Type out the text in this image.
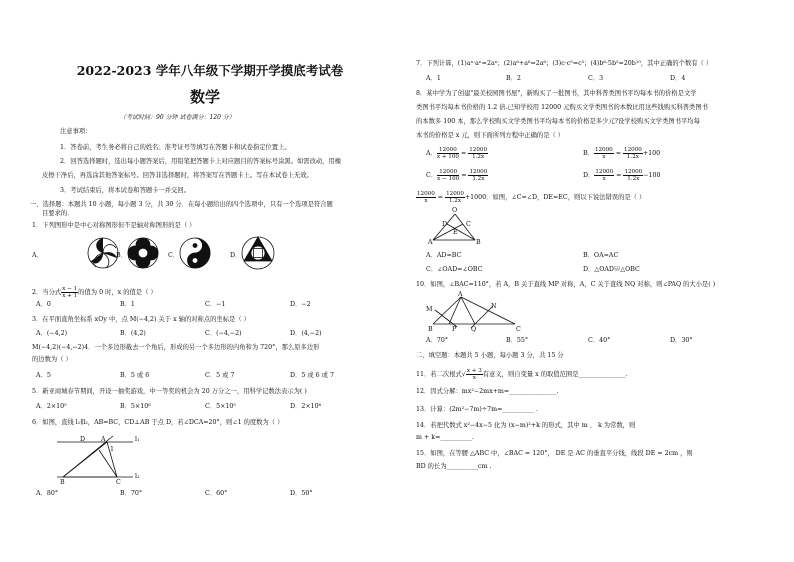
2022-2023 学年八年级下学期开学摸底考试卷
数学
（考试时间：90 分钟 试卷满分：120 分）
注意事项：
1．答卷前，考生务必将自己的姓名、准考证号等填写在答题卡和试卷指定位置上。
2．回答选择题时，选出每小题答案后，用铅笔把答题卡上对应题目的答案标号涂黑。如需改动，用橡
皮擦干净后，再选涂其他答案标号。回答非选择题时，将答案写在答题卡上。写在本试卷上无效。
3．考试结束后，将本试卷和答题卡一并交回。
一、选择题：本题共 10 小题，每小题 3 分，共 30 分．在每小题给出的四个选项中，只有一个选项是符合题
目要求的．
1．下列图形中是中心对称图形但不是轴对称图形的是（ ）
A．	B．	C．	D．
2．当分式 $\frac{x - 1}{x + 1}$ 的值为 0 时，x 的值是（ ）
A．0	B．1	C．−1	D．−2
3．在平面直角坐标系 xOy 中，点 M(−4,2) 关于 x 轴的对称点的坐标是（ ）
A．(−4,2)	B．(4,2)	C．(−4,−2)	D．(4,−2)
M(−4,2)(−4,−2)4．一个多边形截去一个角后，形成的另一个多边形的内角和为 720°，那么原多边形
的边数为（ ）
A．5	B．5 或 6	C．5 或 7	D．5 或 6 或 7
5．新亚商城春节期间，开设一抽奖游戏，中一等奖的机会为 20 万分之一，用科学记数法表示为( )
A．2×10⁵	B．5×10⁶	C．5×10⁵	D．2×10⁶
6．如图，直线 l₁∥l₂，AB=BC，CD⊥AB 于点 D，若∠DCA=20°，则∠1 的度数为（ ）
D	A
1
l₁
l₂
B	C
A．80°	B．70°	C．60°	D．50°
7．下列计算，(1)aⁿ·aⁿ=2aⁿ；(2)a⁶+a⁶=2a⁶；(3)c·c⁵=c⁵；(4)b⁶·5b⁵=20b¹⁰，其中正确的个数有（ ）
A．1	B．2	C．3	D．4
8．某中学为了创建"最美校园图书屋"，新购买了一批图书，其中科普类图书平均每本书的价格是文学
类图书平均每本书价格的 1.2 倍.已知学校用 12000 元购买文学类图书的本数比用这些钱购买科普类图书
的本数多 100 本，那么学校购买文学类图书平均每本书的价格是多少元?设学校购买文学类图书平均每
本书的价格是 x 元，则下面所列方程中正确的是（ ）
A． $\frac{12000}{x + 100} = \frac{12000}{1.2x}$	B． $\frac{12000}{x} = \frac{12000}{1.2x} +100$
C． $\frac{12000}{x - 100} = \frac{12000}{1.2x}$	D． $\frac{12000}{x} = \frac{12000}{1.2x} -100$
$\frac{12000}{x} = \frac{12000}{1.2x} +1000$．如图，∠C=∠D，DE=EC，则以下说法错误的是（ ）
O
D	C
E
A	B
A．AD=BC	B．OA=AC
C．∠OAD=∠OBC	D．△OAD≌△OBC
10．如图，∠BAC=110°，若 A，B 关于直线 MP 对称，A，C 关于直线 NQ 对称，则∠PAQ 的大小是( )
A
M	N
B	P Q	C
A．70°	B．55°	C．40°	D．30°
二、填空题：本题共 5 小题，每小题 3 分，共 15 分
11．若二次根式√ $\frac{x + 3}{x}$ 有意义，则自变量 x 的取值范围是_______________.
12．因式分解：mx²−2mx+m=_______________.
13．计算：(2m²−7m)÷7m=__________ .
14．若把代数式 x²−4x−5 化为 (x−m)²+k 的形式，其中 m 、 k 为常数，则
m + k=__________.
15．如图，在等腰 △ABC 中，∠BAC = 120°， DE 是 AC 的垂直平分线，线段 DE = 2cm ，则
BD 的长为__________cm .
